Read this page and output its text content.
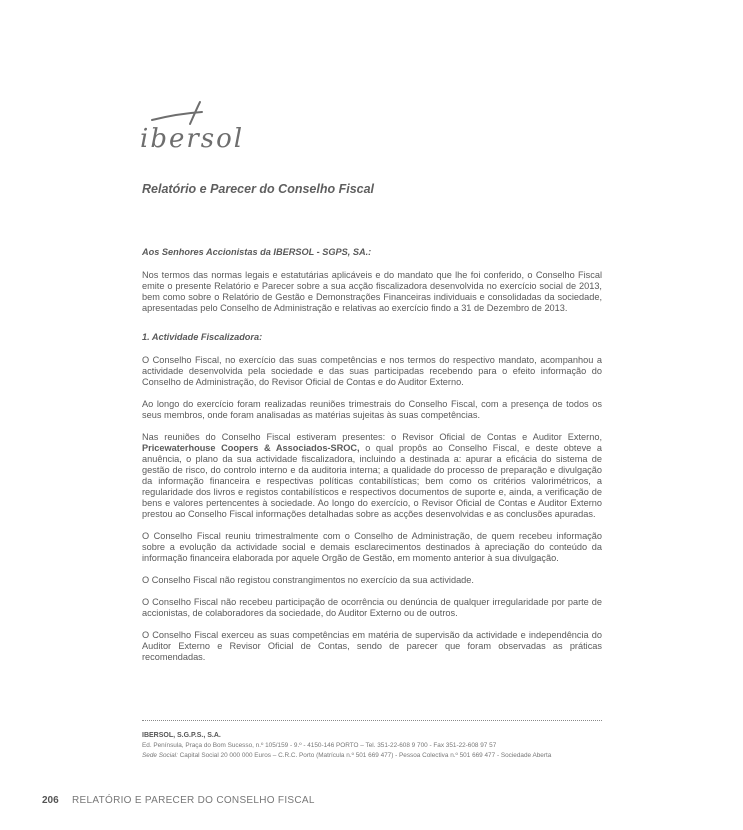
ibersol
Relatório e Parecer do Conselho Fiscal

Aos Senhores Accionistas da IBERSOL - SGPS, SA.:

Nos termos das normas legais e estatutárias aplicáveis e do mandato que lhe foi conferido, o Conselho Fiscal emite o presente Relatório e Parecer sobre a sua acção fiscalizadora desenvolvida no exercício social de 2013, bem como sobre o Relatório de Gestão e Demonstrações Financeiras individuais e consolidadas da sociedade, apresentadas pelo Conselho de Administração e relativas ao exercício findo a 31 de Dezembro de 2013.

1. Actividade Fiscalizadora:

O Conselho Fiscal, no exercício das suas competências e nos termos do respectivo mandato, acompanhou a actividade desenvolvida pela sociedade e das suas participadas recebendo para o efeito informação do Conselho de Administração, do Revisor Oficial de Contas e do Auditor Externo.

Ao longo do exercício foram realizadas reuniões trimestrais do Conselho Fiscal, com a presença de todos os seus membros, onde foram analisadas as matérias sujeitas às suas competências.

Nas reuniões do Conselho Fiscal estiveram presentes: o Revisor Oficial de Contas e Auditor Externo, Pricewaterhouse Coopers & Associados-SROC, o qual propôs ao Conselho Fiscal, e deste obteve a anuência, o plano da sua actividade fiscalizadora, incluindo a destinada a: apurar a eficácia do sistema de gestão de risco, do controlo interno e da auditoria interna; a qualidade do processo de preparação e divulgação da informação financeira e respectivas políticas contabilísticas; bem como os critérios valorimétricos, a regularidade dos livros e registos contabilísticos e respectivos documentos de suporte e, ainda, a verificação de bens e valores pertencentes à sociedade. Ao longo do exercício, o Revisor Oficial de Contas e Auditor Externo prestou ao Conselho Fiscal informações detalhadas sobre as acções desenvolvidas e as conclusões apuradas.

O Conselho Fiscal reuniu trimestralmente com o Conselho de Administração, de quem recebeu informação sobre a evolução da actividade social e demais esclarecimentos destinados à apreciação do conteúdo da informação financeira elaborada por aquele Orgão de Gestão, em momento anterior à sua divulgação.

O Conselho Fiscal não registou constrangimentos no exercício da sua actividade.

O Conselho Fiscal não recebeu participação de ocorrência ou denúncia de qualquer irregularidade por parte de accionistas, de colaboradores da sociedade, do Auditor Externo ou de outros.

O Conselho Fiscal exerceu as suas competências em matéria de supervisão da actividade e independência do Auditor Externo e Revisor Oficial de Contas, sendo de parecer que foram observadas as práticas recomendadas.

IBERSOL, S.G.P.S., S.A.
Ed. Península, Praça do Bom Sucesso, n.º 105/159 - 9.º - 4150-146 PORTO – Tel. 351-22-608 9 700 - Fax 351-22-608 97 57
Sede Social: Capital Social 20 000 000 Euros – C.R.C. Porto (Matrícula n.º 501 669 477) - Pessoa Colectiva n.º 501 669 477 - Sociedade Aberta
206 RELATÓRIO E PARECER DO CONSELHO FISCAL
